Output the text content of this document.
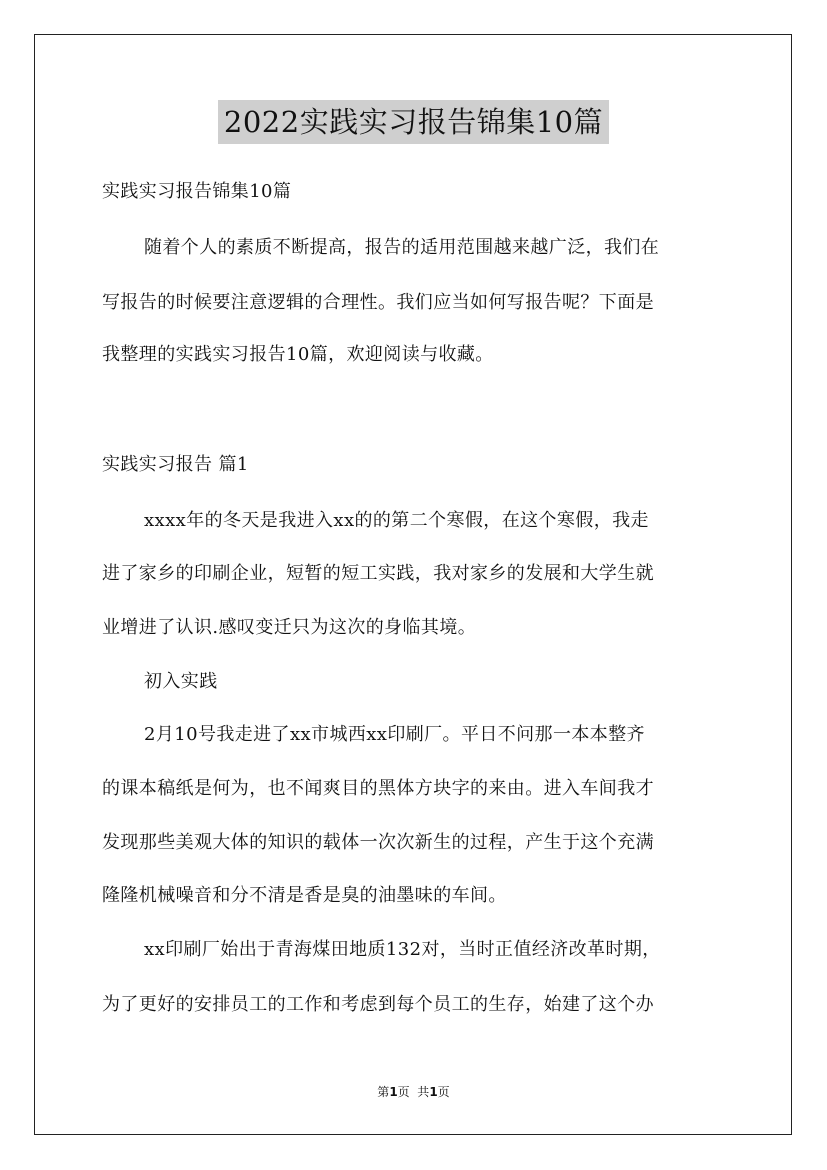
2022实践实习报告锦集10篇
实践实习报告锦集10篇
随着个人的素质不断提高，报告的适用范围越来越广泛，我们在
写报告的时候要注意逻辑的合理性。我们应当如何写报告呢？下面是
我整理的实践实习报告10篇，欢迎阅读与收藏。
实践实习报告 篇1
xxxx年的冬天是我进入xx的的第二个寒假，在这个寒假，我走
进了家乡的印刷企业，短暂的短工实践，我对家乡的发展和大学生就
业增进了认识.感叹变迁只为这次的身临其境。
初入实践
2月10号我走进了xx市城西xx印刷厂。平日不问那一本本整齐
的课本稿纸是何为，也不闻爽目的黑体方块字的来由。进入车间我才
发现那些美观大体的知识的载体一次次新生的过程，产生于这个充满
隆隆机械噪音和分不清是香是臭的油墨味的车间。
xx印刷厂始出于青海煤田地质132对，当时正值经济改革时期，
为了更好的安排员工的工作和考虑到每个员工的生存，始建了这个办
第1页  共1页
